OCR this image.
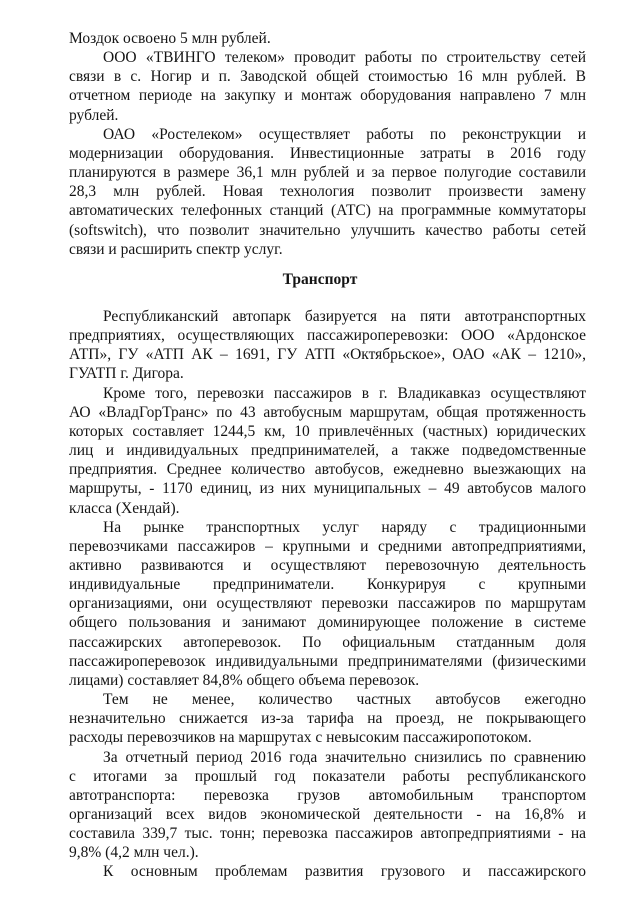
Моздок освоено 5 млн рублей.
ООО «ТВИНГО телеком» проводит работы по строительству сетей
связи в с. Ногир и п. Заводской общей стоимостью 16 млн рублей. В
отчетном периоде на закупку и монтаж оборудования направлено 7 млн
рублей.
ОАО «Ростелеком» осуществляет работы по реконструкции и
модернизации оборудования. Инвестиционные затраты в 2016 году
планируются в размере 36,1 млн рублей и за первое полугодие составили
28,3 млн рублей. Новая технология позволит произвести замену
автоматических телефонных станций (АТС) на программные коммутаторы
(softswitch), что позволит значительно улучшить качество работы сетей
связи и расширить спектр услуг.
Транспорт
Республиканский автопарк базируется на пяти автотранспортных
предприятиях, осуществляющих пассажироперевозки: ООО «Ардонское
АТП», ГУ «АТП АК – 1691, ГУ АТП «Октябрьское», ОАО «АК – 1210»,
ГУАТП г. Дигора.
Кроме того, перевозки пассажиров в г. Владикавказ осуществляют
АО «ВладГорТранс» по 43 автобусным маршрутам, общая протяженность
которых составляет 1244,5 км, 10 привлечённых (частных) юридических
лиц и индивидуальных предпринимателей, а также подведомственные
предприятия. Среднее количество автобусов, ежедневно выезжающих на
маршруты, - 1170 единиц, из них муниципальных – 49 автобусов малого
класса (Хендай).
На рынке транспортных услуг наряду с традиционными
перевозчиками пассажиров – крупными и средними автопредприятиями,
активно развиваются и осуществляют перевозочную деятельность
индивидуальные предприниматели. Конкурируя с крупными
организациями, они осуществляют перевозки пассажиров по маршрутам
общего пользования и занимают доминирующее положение в системе
пассажирских автоперевозок. По официальным статданным доля
пассажироперевозок индивидуальными предпринимателями (физическими
лицами) составляет 84,8% общего объема перевозок.
Тем не менее, количество частных автобусов ежегодно
незначительно снижается из-за тарифа на проезд, не покрывающего
расходы перевозчиков на маршрутах с невысоким пассажиропотоком.
За отчетный период 2016 года значительно снизились по сравнению
с итогами за прошлый год показатели работы республиканского
автотранспорта: перевозка грузов автомобильным транспортом
организаций всех видов экономической деятельности - на 16,8% и
составила 339,7 тыс. тонн; перевозка пассажиров автопредприятиями - на
9,8% (4,2 млн чел.).
К основным проблемам развития грузового и пассажирского
